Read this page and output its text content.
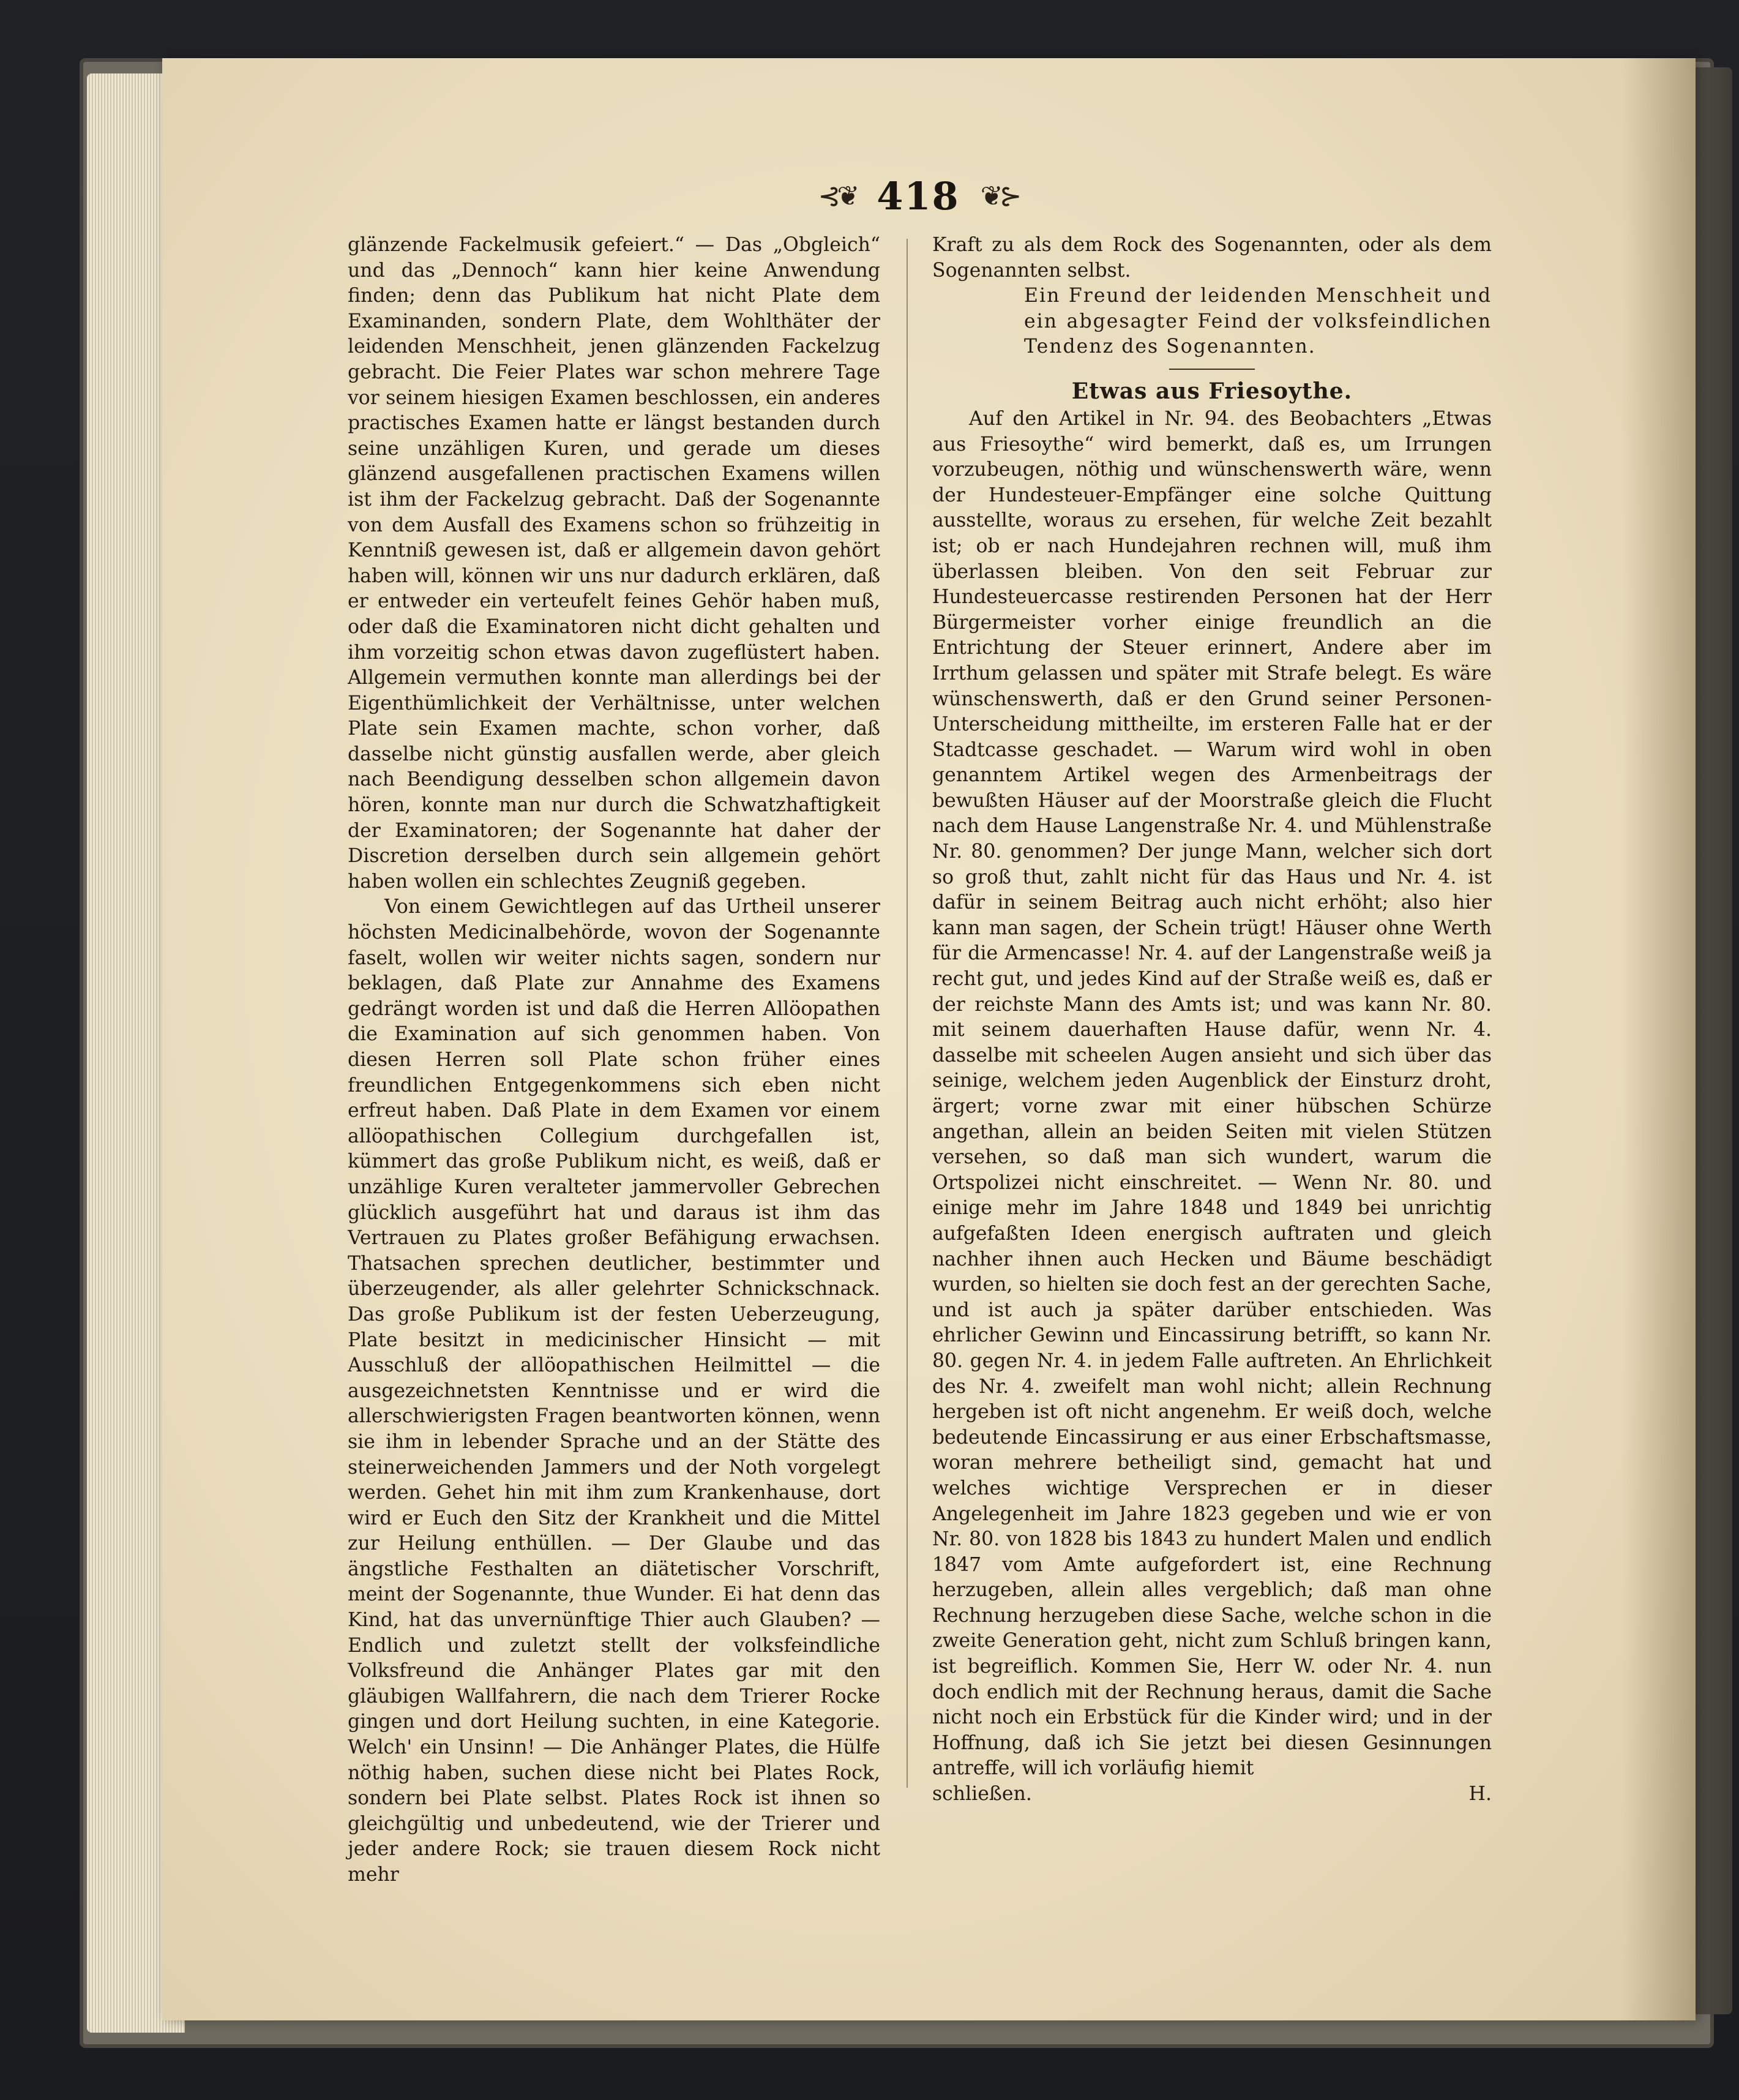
⊰❦ 418 ❦⊱

glänzende Fackelmusik gefeiert.“ — Das „Obgleich“ und das „Dennoch“ kann hier keine Anwendung finden; denn das Publikum hat nicht Plate dem Examinanden, sondern Plate, dem Wohlthäter der leidenden Menschheit, jenen glänzenden Fackelzug gebracht. Die Feier Plates war schon mehrere Tage vor seinem hiesigen Examen beschlossen, ein anderes practisches Examen hatte er längst bestanden durch seine unzähligen Kuren, und gerade um dieses glänzend ausgefallenen practischen Examens willen ist ihm der Fackelzug gebracht. Daß der Sogenannte von dem Ausfall des Examens schon so frühzeitig in Kenntniß gewesen ist, daß er allgemein davon gehört haben will, können wir uns nur dadurch erklären, daß er entweder ein verteufelt feines Gehör haben muß, oder daß die Examinatoren nicht dicht gehalten und ihm vorzeitig schon etwas davon zugeflüstert haben. Allgemein vermuthen konnte man allerdings bei der Eigenthümlichkeit der Verhältnisse, unter welchen Plate sein Examen machte, schon vorher, daß dasselbe nicht günstig ausfallen werde, aber gleich nach Beendigung desselben schon allgemein davon hören, konnte man nur durch die Schwatzhaftigkeit der Examinatoren; der Sogenannte hat daher der Discretion derselben durch sein allgemein gehört haben wollen ein schlechtes Zeugniß gegeben.

Von einem Gewichtlegen auf das Urtheil unserer höchsten Medicinalbehörde, wovon der Sogenannte faselt, wollen wir weiter nichts sagen, sondern nur beklagen, daß Plate zur Annahme des Examens gedrängt worden ist und daß die Herren Allöopathen die Examination auf sich genommen haben. Von diesen Herren soll Plate schon früher eines freundlichen Entgegenkommens sich eben nicht erfreut haben. Daß Plate in dem Examen vor einem allöopathischen Collegium durchgefallen ist, kümmert das große Publikum nicht, es weiß, daß er unzählige Kuren veralteter jammervoller Gebrechen glücklich ausgeführt hat und daraus ist ihm das Vertrauen zu Plates großer Befähigung erwachsen. Thatsachen sprechen deutlicher, bestimmter und überzeugender, als aller gelehrter Schnickschnack. Das große Publikum ist der festen Ueberzeugung, Plate besitzt in medicinischer Hinsicht — mit Ausschluß der allöopathischen Heilmittel — die ausgezeichnetsten Kenntnisse und er wird die allerschwierigsten Fragen beantworten können, wenn sie ihm in lebender Sprache und an der Stätte des steinerweichenden Jammers und der Noth vorgelegt werden. Gehet hin mit ihm zum Krankenhause, dort wird er Euch den Sitz der Krankheit und die Mittel zur Heilung enthüllen. — Der Glaube und das ängstliche Festhalten an diätetischer Vorschrift, meint der Sogenannte, thue Wunder. Ei hat denn das Kind, hat das unvernünftige Thier auch Glauben? — Endlich und zuletzt stellt der volksfeindliche Volksfreund die Anhänger Plates gar mit den gläubigen Wallfahrern, die nach dem Trierer Rocke gingen und dort Heilung suchten, in eine Kategorie. Welch' ein Unsinn! — Die Anhänger Plates, die Hülfe nöthig haben, suchen diese nicht bei Plates Rock, sondern bei Plate selbst. Plates Rock ist ihnen so gleichgültig und unbedeutend, wie der Trierer und jeder andere Rock; sie trauen diesem Rock nicht mehr

Kraft zu als dem Rock des Sogenannten, oder als dem Sogenannten selbst.

Ein Freund der leidenden Menschheit und ein abgesagter Feind der volksfeindlichen Tendenz des Sogenannten.

Etwas aus Friesoythe.

Auf den Artikel in Nr. 94. des Beobachters „Etwas aus Friesoythe“ wird bemerkt, daß es, um Irrungen vorzubeugen, nöthig und wünschenswerth wäre, wenn der Hundesteuer-Empfänger eine solche Quittung ausstellte, woraus zu ersehen, für welche Zeit bezahlt ist; ob er nach Hundejahren rechnen will, muß ihm überlassen bleiben. Von den seit Februar zur Hundesteuercasse restirenden Personen hat der Herr Bürgermeister vorher einige freundlich an die Entrichtung der Steuer erinnert, Andere aber im Irrthum gelassen und später mit Strafe belegt. Es wäre wünschenswerth, daß er den Grund seiner Personen-Unterscheidung mittheilte, im ersteren Falle hat er der Stadtcasse geschadet. — Warum wird wohl in oben genanntem Artikel wegen des Armenbeitrags der bewußten Häuser auf der Moorstraße gleich die Flucht nach dem Hause Langenstraße Nr. 4. und Mühlenstraße Nr. 80. genommen? Der junge Mann, welcher sich dort so groß thut, zahlt nicht für das Haus und Nr. 4. ist dafür in seinem Beitrag auch nicht erhöht; also hier kann man sagen, der Schein trügt! Häuser ohne Werth für die Armencasse! Nr. 4. auf der Langenstraße weiß ja recht gut, und jedes Kind auf der Straße weiß es, daß er der reichste Mann des Amts ist; und was kann Nr. 80. mit seinem dauerhaften Hause dafür, wenn Nr. 4. dasselbe mit scheelen Augen ansieht und sich über das seinige, welchem jeden Augenblick der Einsturz droht, ärgert; vorne zwar mit einer hübschen Schürze angethan, allein an beiden Seiten mit vielen Stützen versehen, so daß man sich wundert, warum die Ortspolizei nicht einschreitet. — Wenn Nr. 80. und einige mehr im Jahre 1848 und 1849 bei unrichtig aufgefaßten Ideen energisch auftraten und gleich nachher ihnen auch Hecken und Bäume beschädigt wurden, so hielten sie doch fest an der gerechten Sache, und ist auch ja später darüber entschieden. Was ehrlicher Gewinn und Eincassirung betrifft, so kann Nr. 80. gegen Nr. 4. in jedem Falle auftreten. An Ehrlichkeit des Nr. 4. zweifelt man wohl nicht; allein Rechnung hergeben ist oft nicht angenehm. Er weiß doch, welche bedeutende Eincassirung er aus einer Erbschaftsmasse, woran mehrere betheiligt sind, gemacht hat und welches wichtige Versprechen er in dieser Angelegenheit im Jahre 1823 gegeben und wie er von Nr. 80. von 1828 bis 1843 zu hundert Malen und endlich 1847 vom Amte aufgefordert ist, eine Rechnung herzugeben, allein alles vergeblich; daß man ohne Rechnung herzugeben diese Sache, welche schon in die zweite Generation geht, nicht zum Schluß bringen kann, ist begreiflich. Kommen Sie, Herr W. oder Nr. 4. nun doch endlich mit der Rechnung heraus, damit die Sache nicht noch ein Erbstück für die Kinder wird; und in der Hoffnung, daß ich Sie jetzt bei diesen Gesinnungen antreffe, will ich vorläufig hiemit

schließen.	H.
